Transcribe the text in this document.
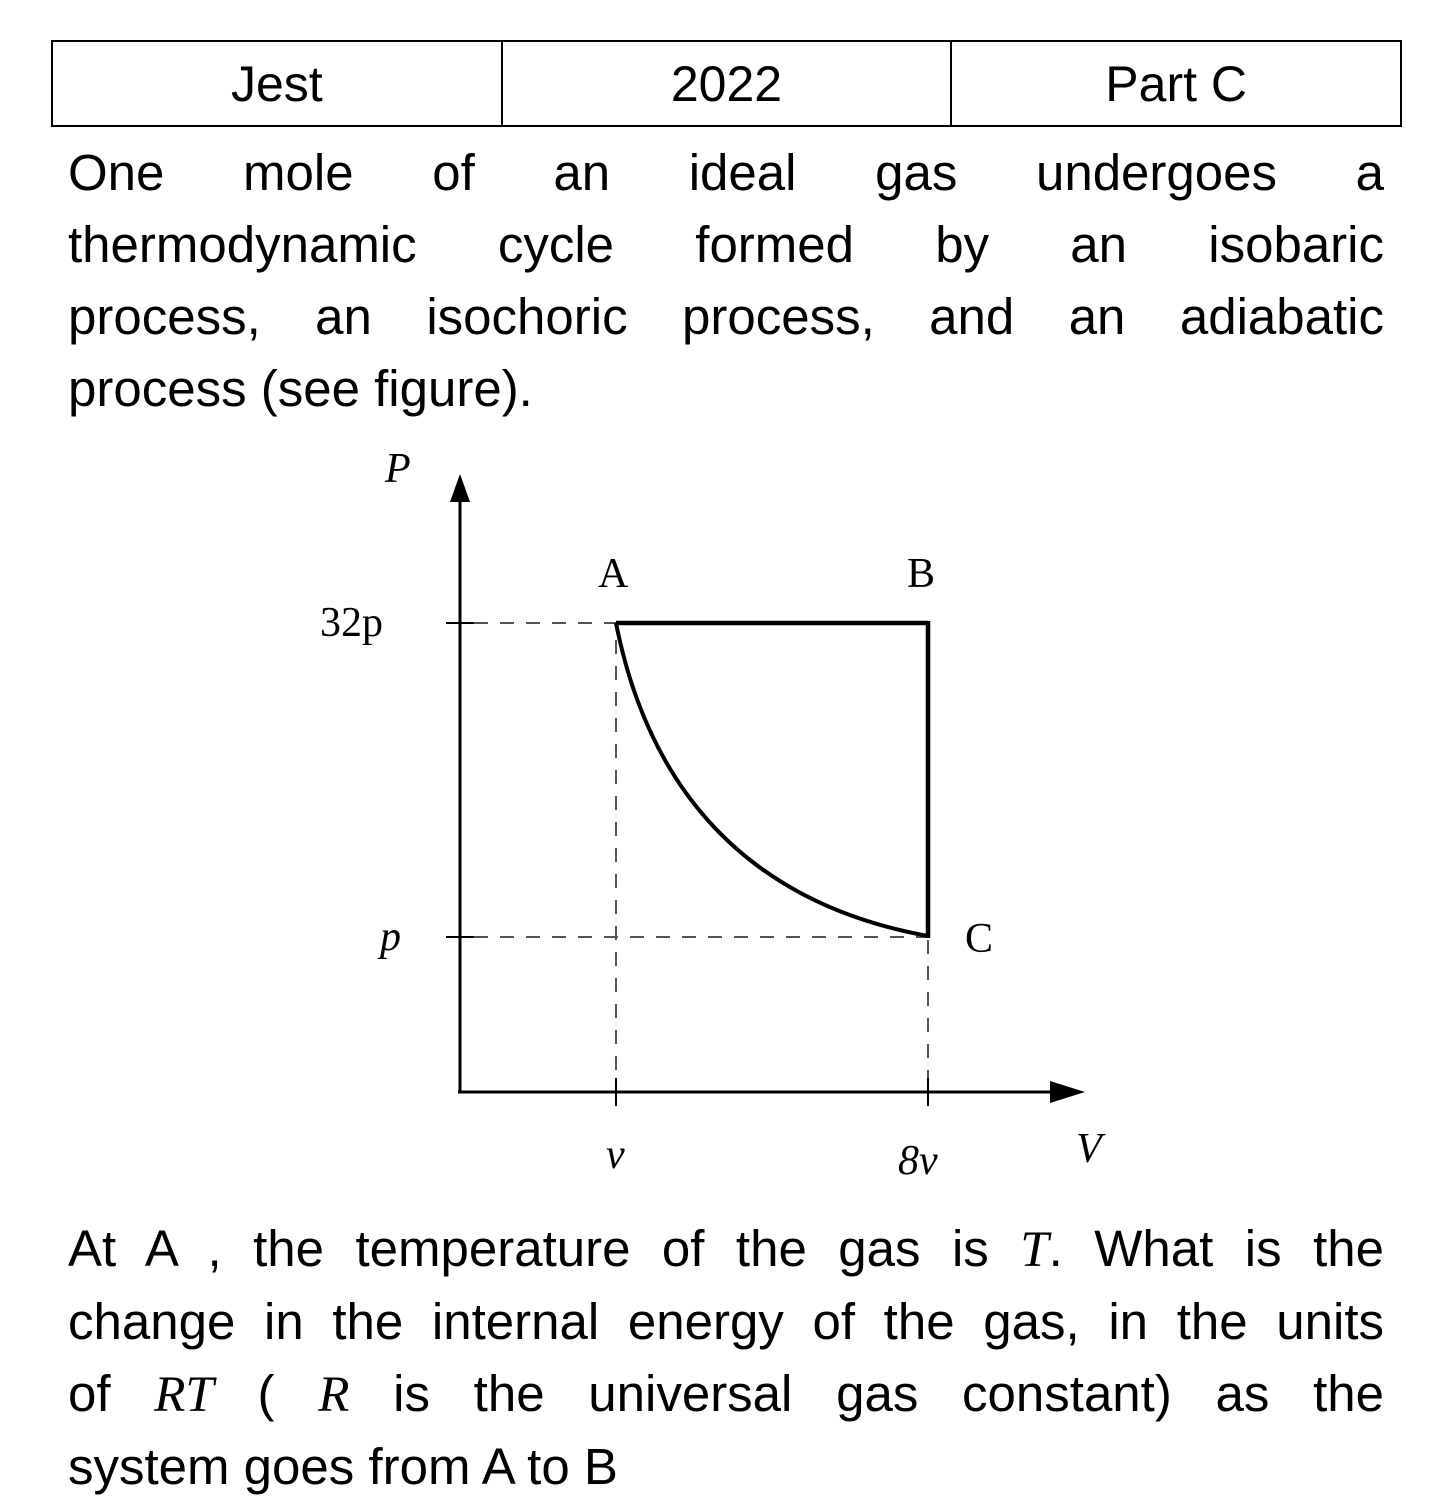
Jest	2022	Part C
One mole of an ideal gas undergoes a
thermodynamic cycle formed by an isobaric
process, an isochoric process, and an adiabatic
process (see figure).
P
V
32p
p
v	8v
A	B
C
At A , the temperature of the gas is T. What is the
change in the internal energy of the gas, in the units
of RT ( R is the universal gas constant) as the
system goes from A to B
